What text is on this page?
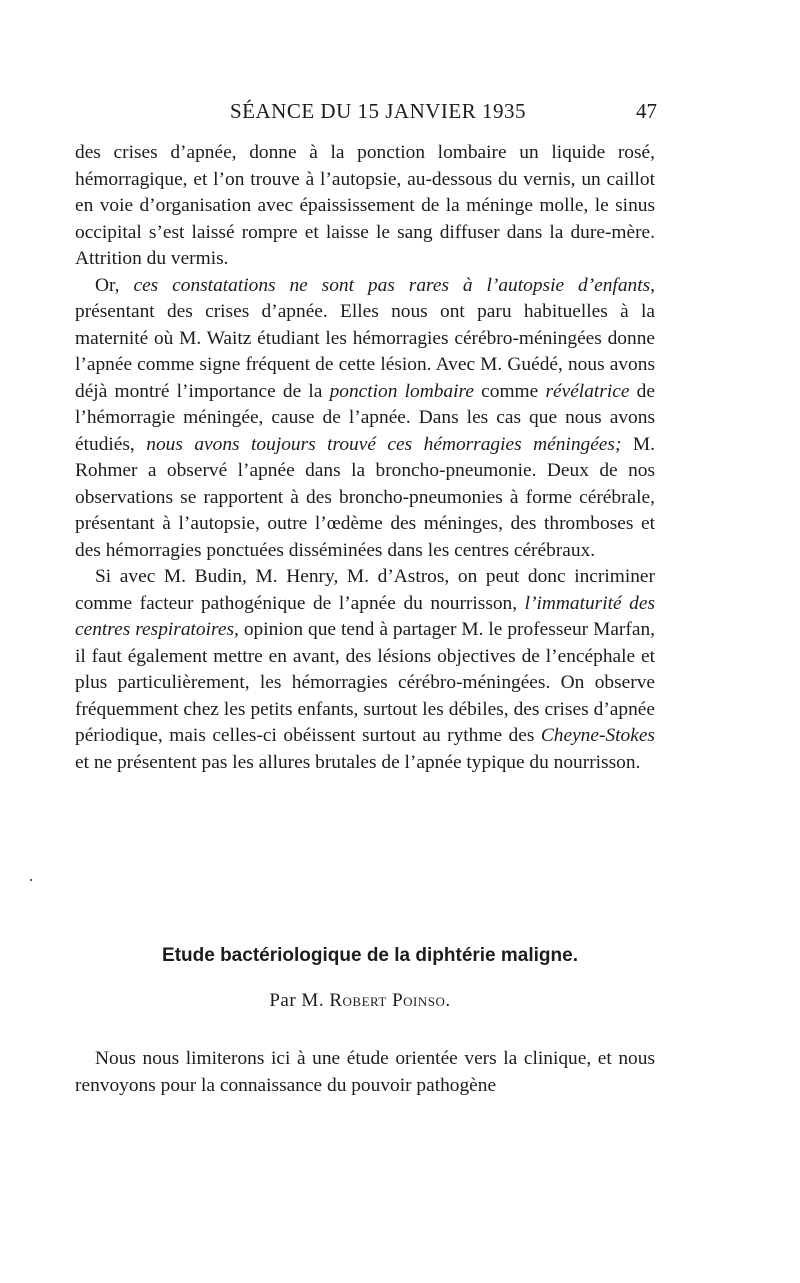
SÉANCE DU 15 JANVIER 1935	47

des crises d’apnée, donne à la ponction lombaire un liquide rosé, hémorragique, et l’on trouve à l’autopsie, au-dessous du vernis, un caillot en voie d’organisation avec épaississement de la méninge molle, le sinus occipital s’est laissé rompre et laisse le sang diffuser dans la dure-mère. Attrition du vermis.

Or, ces constatations ne sont pas rares à l’autopsie d’enfants, présentant des crises d’apnée. Elles nous ont paru habituelles à la maternité où M. Waitz étudiant les hémorragies cérébro-méningées donne l’apnée comme signe fréquent de cette lésion. Avec M. Guédé, nous avons déjà montré l’importance de la ponction lombaire comme révélatrice de l’hémorragie méningée, cause de l’apnée. Dans les cas que nous avons étudiés, nous avons toujours trouvé ces hémorragies méningées; M. Rohmer a observé l’apnée dans la broncho-pneumonie. Deux de nos observations se rapportent à des broncho-pneumonies à forme cérébrale, présentant à l’autopsie, outre l’œdème des méninges, des thromboses et des hémorragies ponctuées disséminées dans les centres cérébraux.

Si avec M. Budin, M. Henry, M. d’Astros, on peut donc incriminer comme facteur pathogénique de l’apnée du nourrisson, l’immaturité des centres respiratoires, opinion que tend à partager M. le professeur Marfan, il faut également mettre en avant, des lésions objectives de l’encéphale et plus particulièrement, les hémorragies cérébro-méningées. On observe fréquemment chez les petits enfants, surtout les débiles, des crises d’apnée périodique, mais celles-ci obéissent surtout au rythme des Cheyne-Stokes et ne présentent pas les allures brutales de l’apnée typique du nourrisson.

·
Etude bactériologique de la diphtérie maligne.
Par M. Robert Poinso.

Nous nous limiterons ici à une étude orientée vers la clinique, et nous renvoyons pour la connaissance du pouvoir pathogène
